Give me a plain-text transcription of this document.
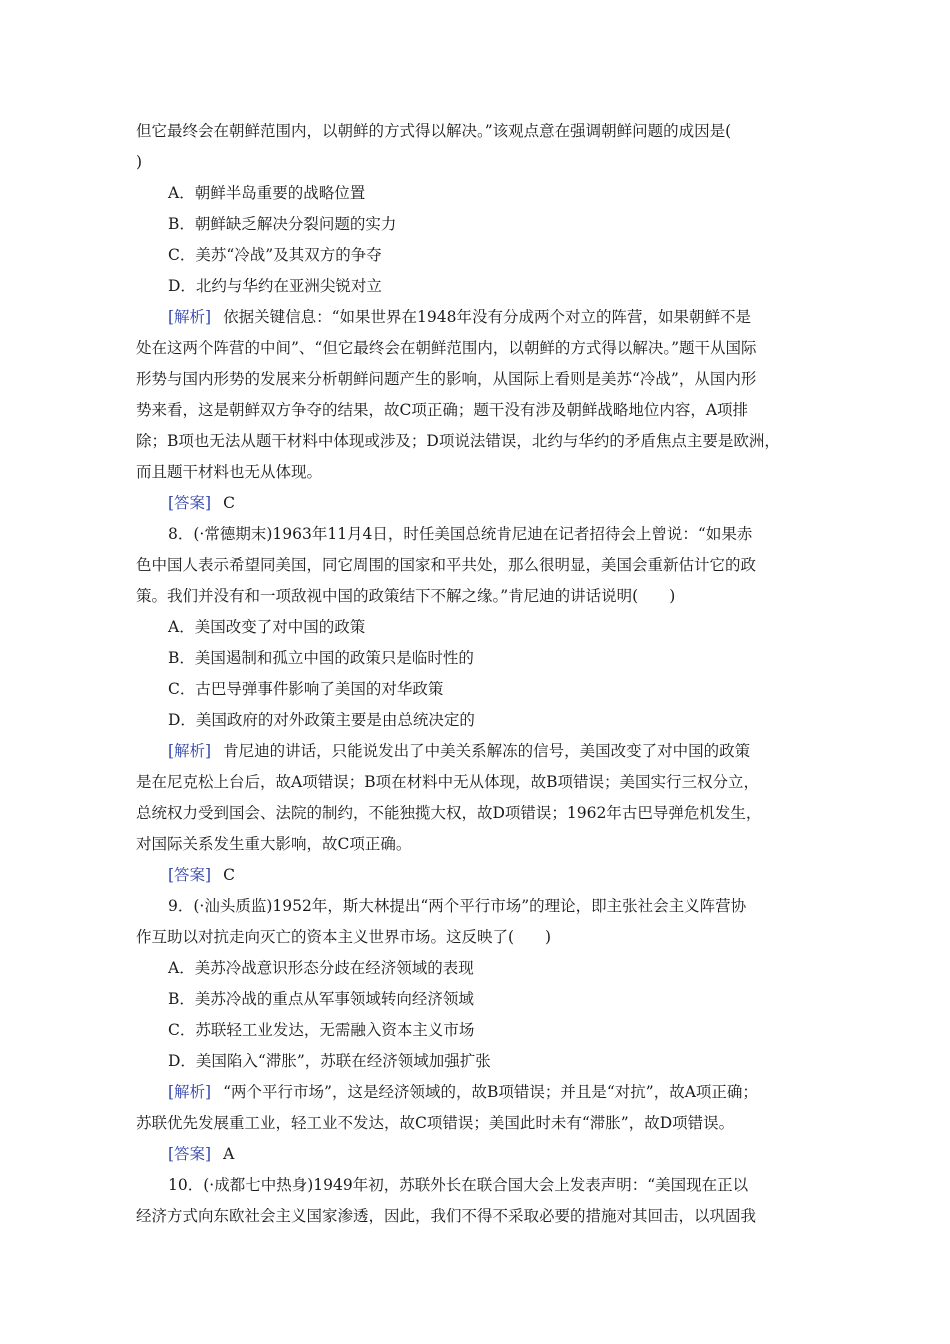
但它最终会在朝鲜范围内，以朝鲜的方式得以解决。”该观点意在强调朝鲜问题的成因是(
)
A．朝鲜半岛重要的战略位置
B．朝鲜缺乏解决分裂问题的实力
C．美苏“冷战”及其双方的争夺
D．北约与华约在亚洲尖锐对立
[解析] 依据关键信息：“如果世界在1948年没有分成两个对立的阵营，如果朝鲜不是
处在这两个阵营的中间”、“但它最终会在朝鲜范围内，以朝鲜的方式得以解决。”题干从国际
形势与国内形势的发展来分析朝鲜问题产生的影响，从国际上看则是美苏“冷战”，从国内形
势来看，这是朝鲜双方争夺的结果，故C项正确；题干没有涉及朝鲜战略地位内容，A项排
除；B项也无法从题干材料中体现或涉及；D项说法错误，北约与华约的矛盾焦点主要是欧洲，
而且题干材料也无从体现。
[答案] C
8．(·常德期末)1963年11月4日，时任美国总统肯尼迪在记者招待会上曾说：“如果赤
色中国人表示希望同美国，同它周围的国家和平共处，那么很明显，美国会重新估计它的政
策。我们并没有和一项敌视中国的政策结下不解之缘。”肯尼迪的讲话说明(　　)
A．美国改变了对中国的政策
B．美国遏制和孤立中国的政策只是临时性的
C．古巴导弹事件影响了美国的对华政策
D．美国政府的对外政策主要是由总统决定的
[解析] 肯尼迪的讲话，只能说发出了中美关系解冻的信号，美国改变了对中国的政策
是在尼克松上台后，故A项错误；B项在材料中无从体现，故B项错误；美国实行三权分立，
总统权力受到国会、法院的制约，不能独揽大权，故D项错误；1962年古巴导弹危机发生，
对国际关系发生重大影响，故C项正确。
[答案] C
9．(·汕头质监)1952年，斯大林提出“两个平行市场”的理论，即主张社会主义阵营协
作互助以对抗走向灭亡的资本主义世界市场。这反映了(　　)
A．美苏冷战意识形态分歧在经济领域的表现
B．美苏冷战的重点从军事领域转向经济领域
C．苏联轻工业发达，无需融入资本主义市场
D．美国陷入“滞胀”，苏联在经济领域加强扩张
[解析] “两个平行市场”，这是经济领域的，故B项错误；并且是“对抗”，故A项正确；
苏联优先发展重工业，轻工业不发达，故C项错误；美国此时未有“滞胀”，故D项错误。
[答案] A
10．(·成都七中热身)1949年初，苏联外长在联合国大会上发表声明：“美国现在正以
经济方式向东欧社会主义国家渗透，因此，我们不得不采取必要的措施对其回击，以巩固我
